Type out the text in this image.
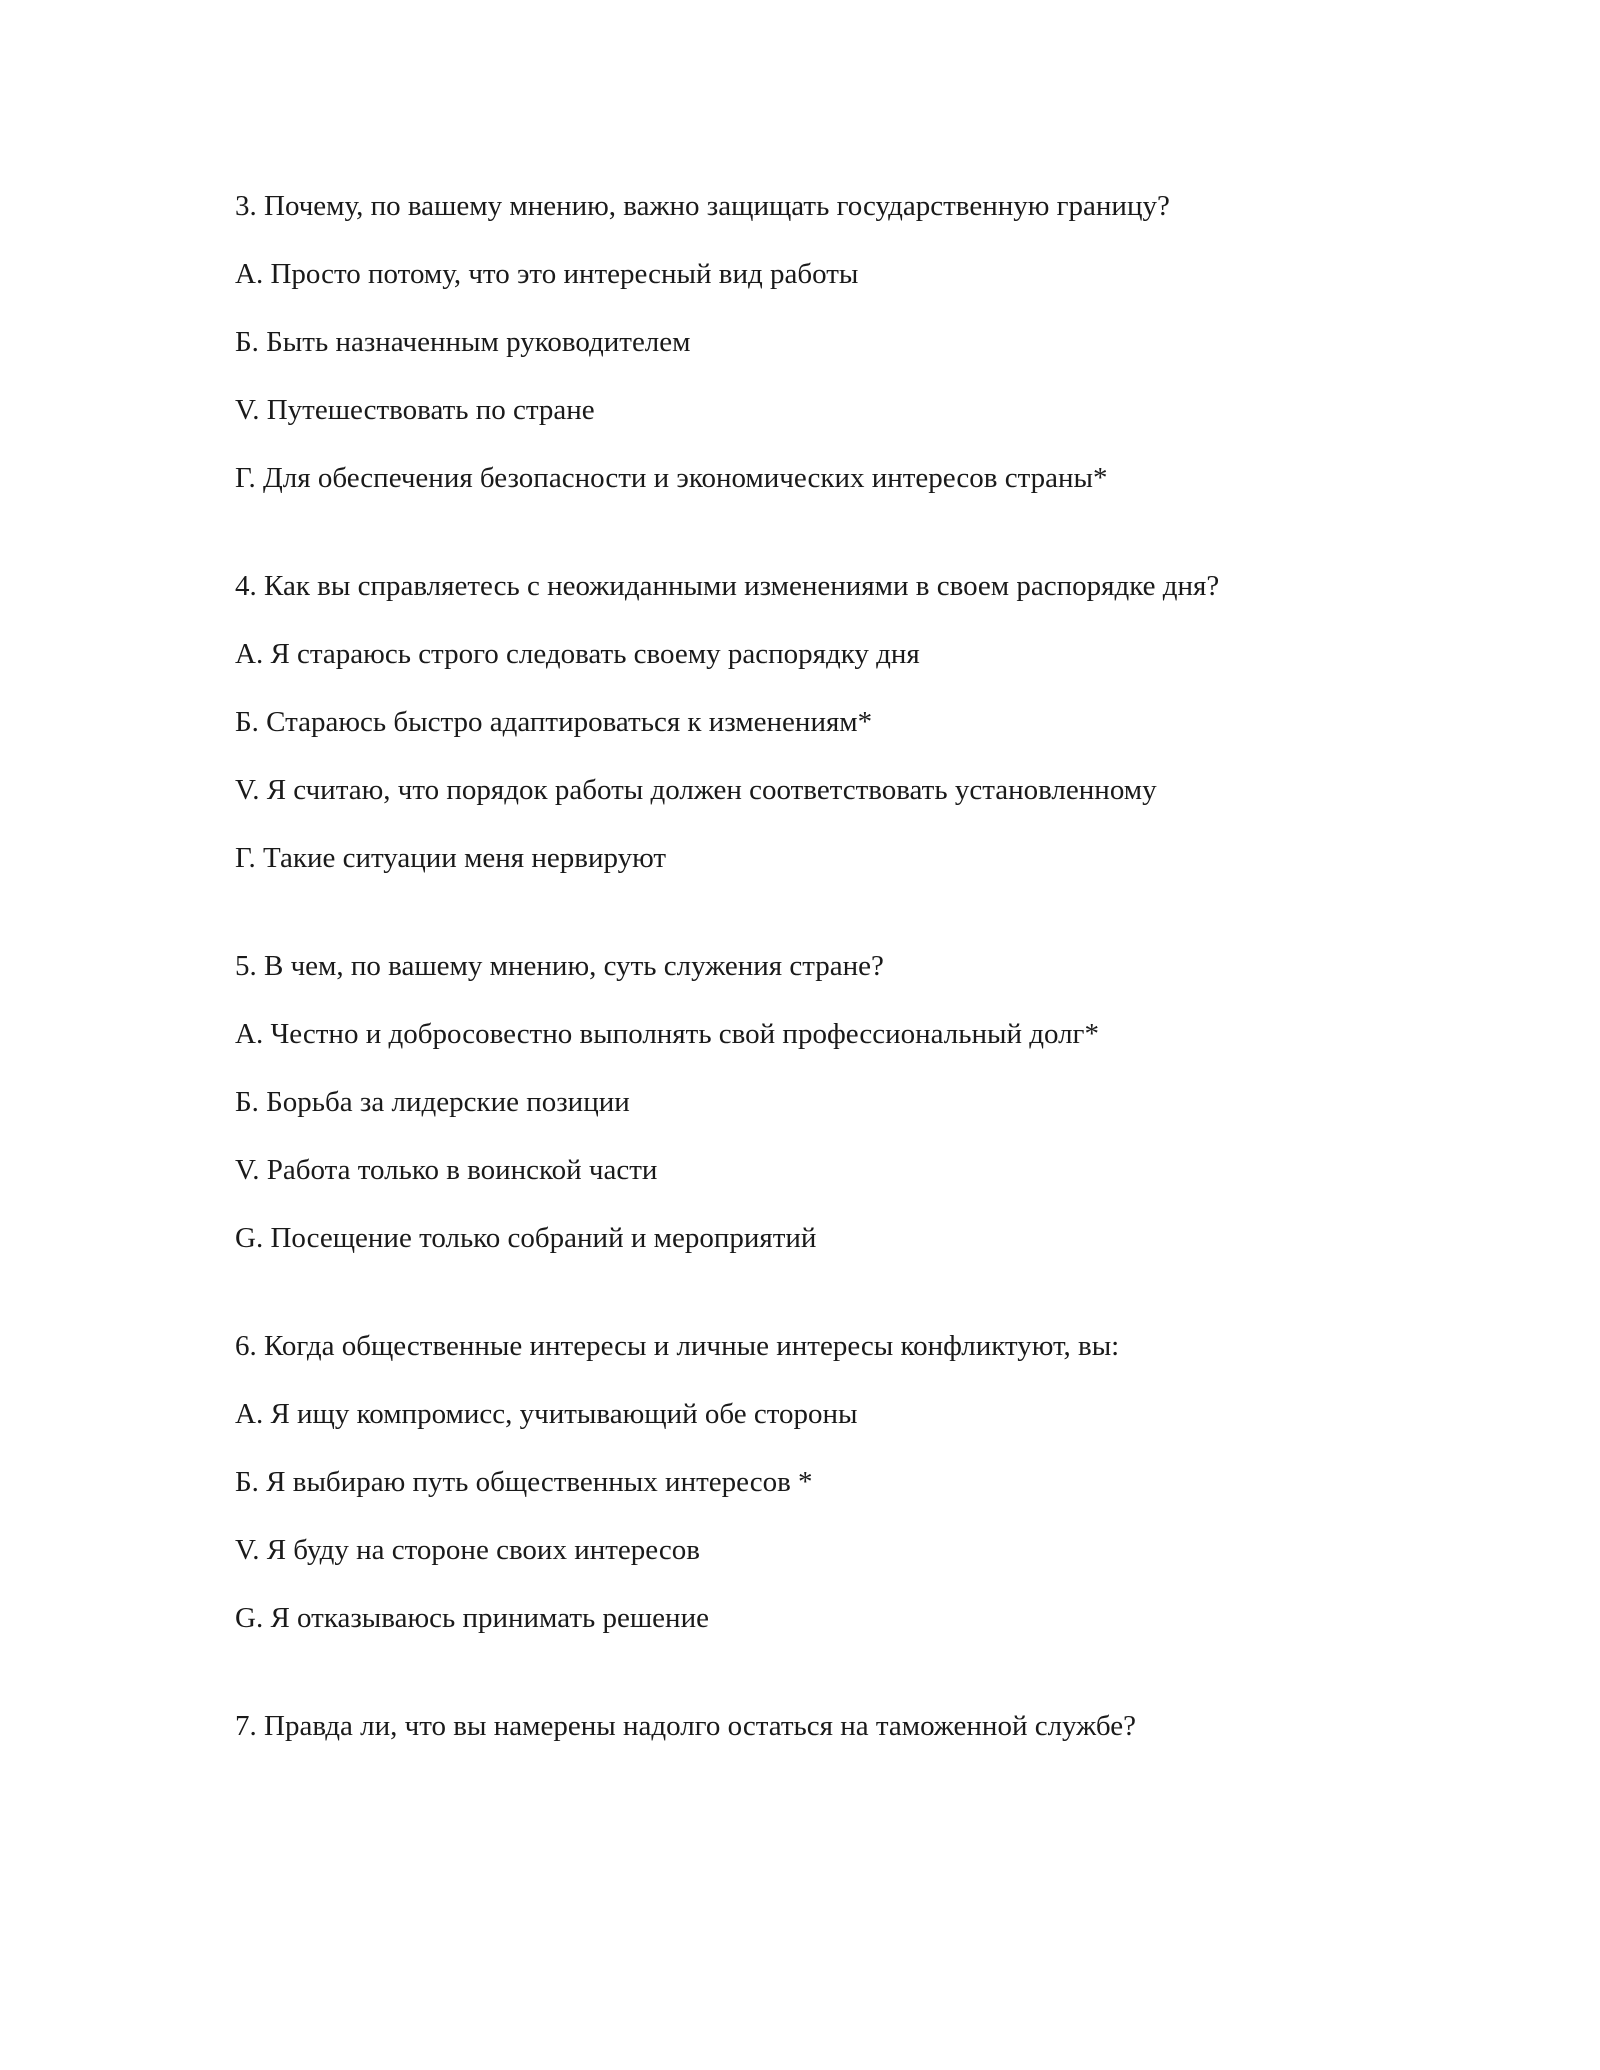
3. Почему, по вашему мнению, важно защищать государственную границу?
А. Просто потому, что это интересный вид работы
Б. Быть назначенным руководителем
V. Путешествовать по стране
Г. Для обеспечения безопасности и экономических интересов страны*
4. Как вы справляетесь с неожиданными изменениями в своем распорядке дня?
А. Я стараюсь строго следовать своему распорядку дня
Б. Стараюсь быстро адаптироваться к изменениям*
V. Я считаю, что порядок работы должен соответствовать установленному
Г. Такие ситуации меня нервируют
5. В чем, по вашему мнению, суть служения стране?
А. Честно и добросовестно выполнять свой профессиональный долг*
Б. Борьба за лидерские позиции
V. Работа только в воинской части
G. Посещение только собраний и мероприятий
6. Когда общественные интересы и личные интересы конфликтуют, вы:
А. Я ищу компромисс, учитывающий обе стороны
Б. Я выбираю путь общественных интересов *
V. Я буду на стороне своих интересов
G. Я отказываюсь принимать решение
7. Правда ли, что вы намерены надолго остаться на таможенной службе?
